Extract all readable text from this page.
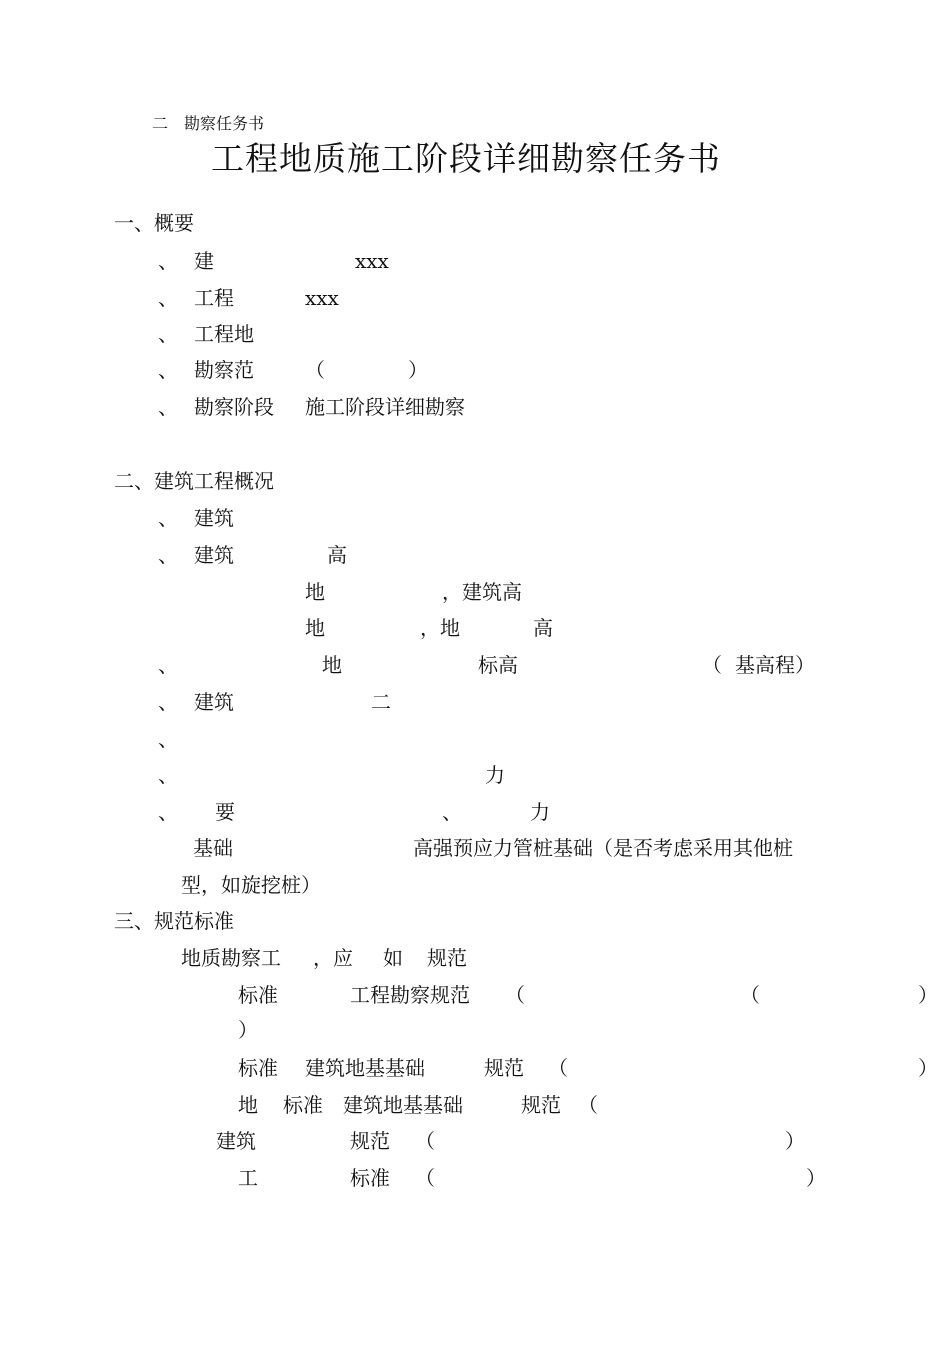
二　勘察任务书
工程地质施工阶段详细勘察任务书
一、概要
、 建	xxx
、 工程	xxx
、 工程地
、 勘察范	（	）
、 勘察阶段 施工阶段详细勘察
二、建筑工程概况
、 建筑
、 建筑	高
地	，建筑高
地	，地	高
、	地	标高	（ 基高程）
、 建筑	二
、
、	力
、 要	、	力
基础	高强预应力管桩基础（是否考虑采用其他桩
型，如旋挖桩）
三、规范标准
地质勘察工 ，应 如 规范
标准	工程勘察规范 （	（	）
）
标准 建筑地基基础	规范 （	）
地 标准 建筑地基基础	规范 （
建筑	规范 （	）
工	标准 （	）
